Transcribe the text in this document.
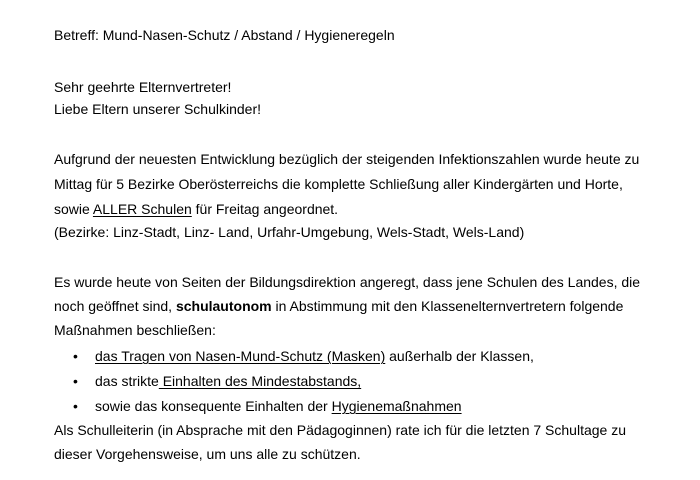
Betreff: Mund-Nasen-Schutz / Abstand / Hygieneregeln
Sehr geehrte Elternvertreter!
Liebe Eltern unserer Schulkinder!
Aufgrund der neuesten Entwicklung bezüglich der steigenden Infektionszahlen wurde heute zu
Mittag für 5 Bezirke Oberösterreichs die komplette Schließung aller Kindergärten und Horte,
sowie ALLER Schulen für Freitag angeordnet.
(Bezirke: Linz-Stadt, Linz- Land, Urfahr-Umgebung, Wels-Stadt, Wels-Land)
Es wurde heute von Seiten der Bildungsdirektion angeregt, dass jene Schulen des Landes, die
noch geöffnet sind, schulautonom in Abstimmung mit den Klassenelternvertretern folgende
Maßnahmen beschließen:
• das Tragen von Nasen-Mund-Schutz (Masken) außerhalb der Klassen,
• das strikte Einhalten des Mindestabstands,
• sowie das konsequente Einhalten der Hygienemaßnahmen
Als Schulleiterin (in Absprache mit den Pädagoginnen) rate ich für die letzten 7 Schultage zu
dieser Vorgehensweise, um uns alle zu schützen.
